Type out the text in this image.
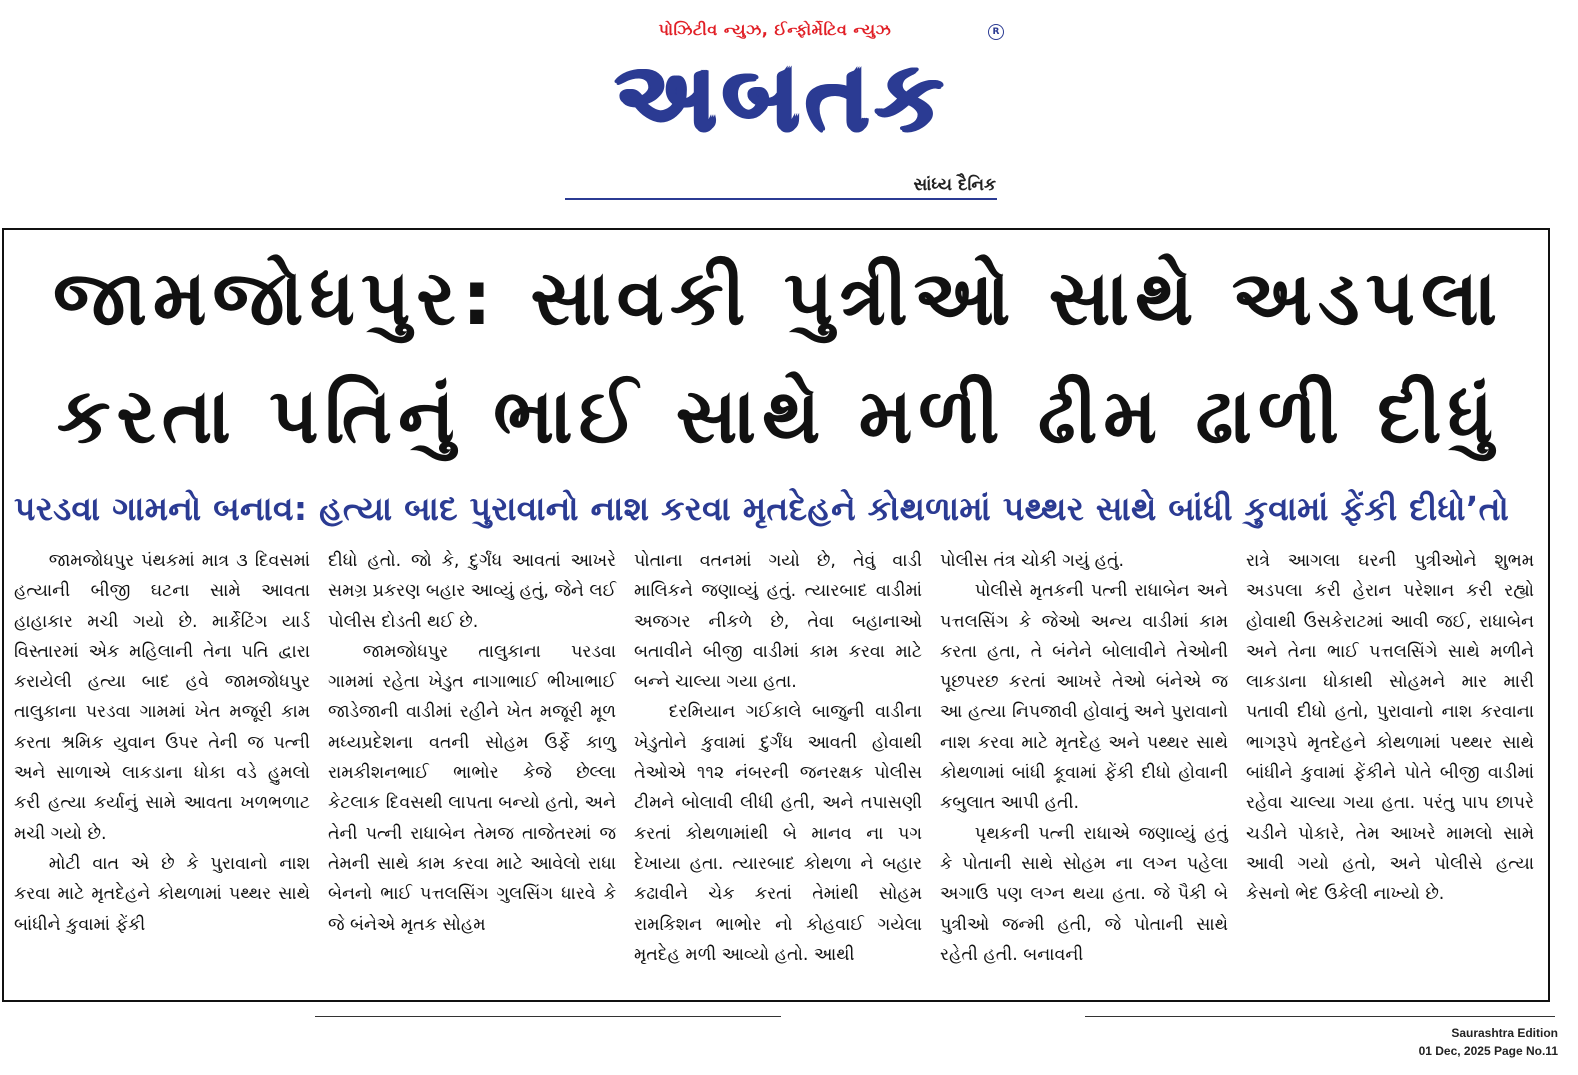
પોઝિટીવ ન્યુઝ, ઈન્ફોર્મેટિવ ન્યુઝ
અબતક
R
સાંધ્ય દૈનિક
જામજોધપુર: સાવકી પુત્રીઓ સાથે અડપલા
કરતા પતિનું ભાઈ સાથે મળી ઢીમ ઢાળી દીધું
પરડવા ગામનો બનાવ: હત્યા બાદ પુરાવાનો નાશ કરવા મૃતદેહને કોથળામાં પથ્થર સાથે બાંધી કુવામાં ફેંકી દીધો’તો

જામજોધપુર પંથકમાં માત્ર ૩ દિવસમાં હત્યાની બીજી ઘટના સામે આવતા હાહાકાર મચી ગયો છે. માર્કેટિંગ યાર્ડ વિસ્તારમાં એક મહિલાની તેના પતિ દ્વારા કરાયેલી હત્યા બાદ હવે જામજોધપુર તાલુકાના પરડવા ગામમાં ખેત મજૂરી કામ કરતા શ્રમિક યુવાન ઉપર તેની જ પત્ની અને સાળાએ લાકડાના ધોકા વડે હુમલો કરી હત્યા કર્યાનું સામે આવતા ખળભળાટ મચી ગયો છે.

મોટી વાત એ છે કે પુરાવાનો નાશ કરવા માટે મૃતદેહને કોથળામાં પથ્થર સાથે બાંધીને કુવામાં ફેંકી

દીધો હતો. જો કે, દુર્ગંધ આવતાં આખરે સમગ્ર પ્રકરણ બહાર આવ્યું હતું, જેને લઈ પોલીસ દોડતી થઈ છે.

જામજોધપુર તાલુકાના પરડવા ગામમાં રહેતા ખેડુત નાગાભાઈ ભીખાભાઈ જાડેજાની વાડીમાં રહીને ખેત મજૂરી મૂળ મધ્યપ્રદેશના વતની સોહમ ઉર્ફે કાળુ રામકીશનભાઈ ભાભોર કેજે છેલ્લા કેટલાક દિવસથી લાપતા બન્યો હતો, અને તેની પત્ની રાધાબેન તેમજ તાજેતરમાં જ તેમની સાથે કામ કરવા માટે આવેલો રાધા બેનનો ભાઈ પત્તલસિંગ ગુલસિંગ ધારવે કે જે બંનેએ મૃતક સોહમ

પોતાના વતનમાં ગયો છે, તેવું વાડી માલિકને જણાવ્યું હતું. ત્યારબાદ વાડીમાં અજગર નીકળે છે, તેવા બહાનાઓ બતાવીને બીજી વાડીમાં કામ કરવા માટે બન્ને ચાલ્યા ગયા હતા.

દરમિયાન ગઈકાલે બાજુની વાડીના ખેડુતોને કુવામાં દુર્ગંધ આવતી હોવાથી તેઓએ ૧૧૨ નંબરની જનરક્ષક પોલીસ ટીમને બોલાવી લીધી હતી, અને તપાસણી કરતાં કોથળામાંથી બે માનવ ના પગ દેખાયા હતા. ત્યારબાદ કોથળા ને બહાર કઢાવીને ચેક કરતાં તેમાંથી સોહમ રામકિશન ભાભોર નો કોહવાઈ ગયેલા મૃતદેહ મળી આવ્યો હતો. આથી

પોલીસ તંત્ર ચોકી ગયું હતું.

પોલીસે મૃતકની પત્ની રાધાબેન અને પત્તલસિંગ કે જેઓ અન્ય વાડીમાં કામ કરતા હતા, તે બંનેને બોલાવીને તેઓની પૂછપરછ કરતાં આખરે તેઓ બંનેએ જ આ હત્યા નિપજાવી હોવાનું અને પુરાવાનો નાશ કરવા માટે મૃતદેહ અને પથ્થર સાથે કોથળામાં બાંધી કૂવામાં ફેંકી દીધો હોવાની કબુલાત આપી હતી.

પૃથકની પત્ની રાધાએ જણાવ્યું હતું કે પોતાની સાથે સોહમ ના લગ્ન પહેલા અગાઉ પણ લગ્ન થયા હતા. જે પૈકી બે પુત્રીઓ જન્મી હતી, જે પોતાની સાથે રહેતી હતી. બનાવની

રાત્રે આગલા ઘરની પુત્રીઓને શુભમ અડપલા કરી હેરાન પરેશાન કરી રહ્યો હોવાથી ઉસકેરાટમાં આવી જઈ, રાધાબેન અને તેના ભાઈ પત્તલસિંગે સાથે મળીને લાકડાના ધોકાથી સોહમને માર મારી પતાવી દીધો હતો, પુરાવાનો નાશ કરવાના ભાગરૂપે મૃતદેહને કોથળામાં પથ્થર સાથે બાંધીને કુવામાં ફેંકીને પોતે બીજી વાડીમાં રહેવા ચાલ્યા ગયા હતા. પરંતુ પાપ છાપરે ચડીને પોકારે, તેમ આખરે મામલો સામે આવી ગયો હતો, અને પોલીસે હત્યા કેસનો ભેદ ઉકેલી નાખ્યો છે.

Saurashtra Edition
01 Dec, 2025 Page No.11
